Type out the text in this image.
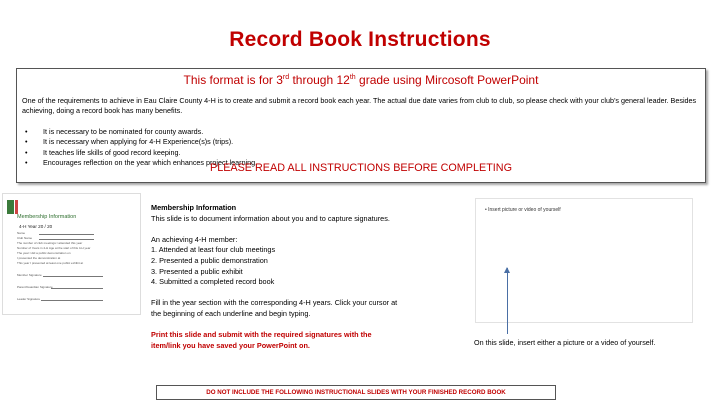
Record Book Instructions
This format is for 3rd through 12th grade using Mircosoft PowerPoint
One of the requirements to achieve in Eau Claire County 4-H is to create and submit a record book each year. The actual due date varies from club to club, so please check with your club’s general leader. Besides achieving, doing a record book has many benefits.
• It is necessary to be nominated for county awards.
• It is necessary when applying for 4-H Experience(s)s (trips).
• It teaches life skills of good record keeping.
• Encourages reflection on the year which enhances project learning.
PLEASE READ ALL INSTRUCTIONS BEFORE COMPLETING
Membership Information
4-H Year 20 / 20
Name
Club Name
The number of club meetings I attended this year
Number of Years in 4-H Age at the start of this 4-H year
The year I did a public demonstration on
I presented the demonstration at
This year I presented at least one public exhibit at
Member Signature
Parent/Guardian Signature
Leader Signature
Membership Information
This slide is to document information about you and to capture signatures.
An achieving 4-H member:
1. Attended at least four club meetings
2. Presented a public demonstration
3. Presented a public exhibit
4. Submitted a completed record book
Fill in the year section with the corresponding 4-H years. Click your cursor at the beginning of each underline and begin typing.
Print this slide and submit with the required signatures with the item/link you have saved your PowerPoint on.
• Insert picture or video of yourself
On this slide, insert either a picture or a video of yourself.
DO NOT INCLUDE THE FOLLOWING INSTRUCTIONAL SLIDES WITH YOUR FINISHED RECORD BOOK
